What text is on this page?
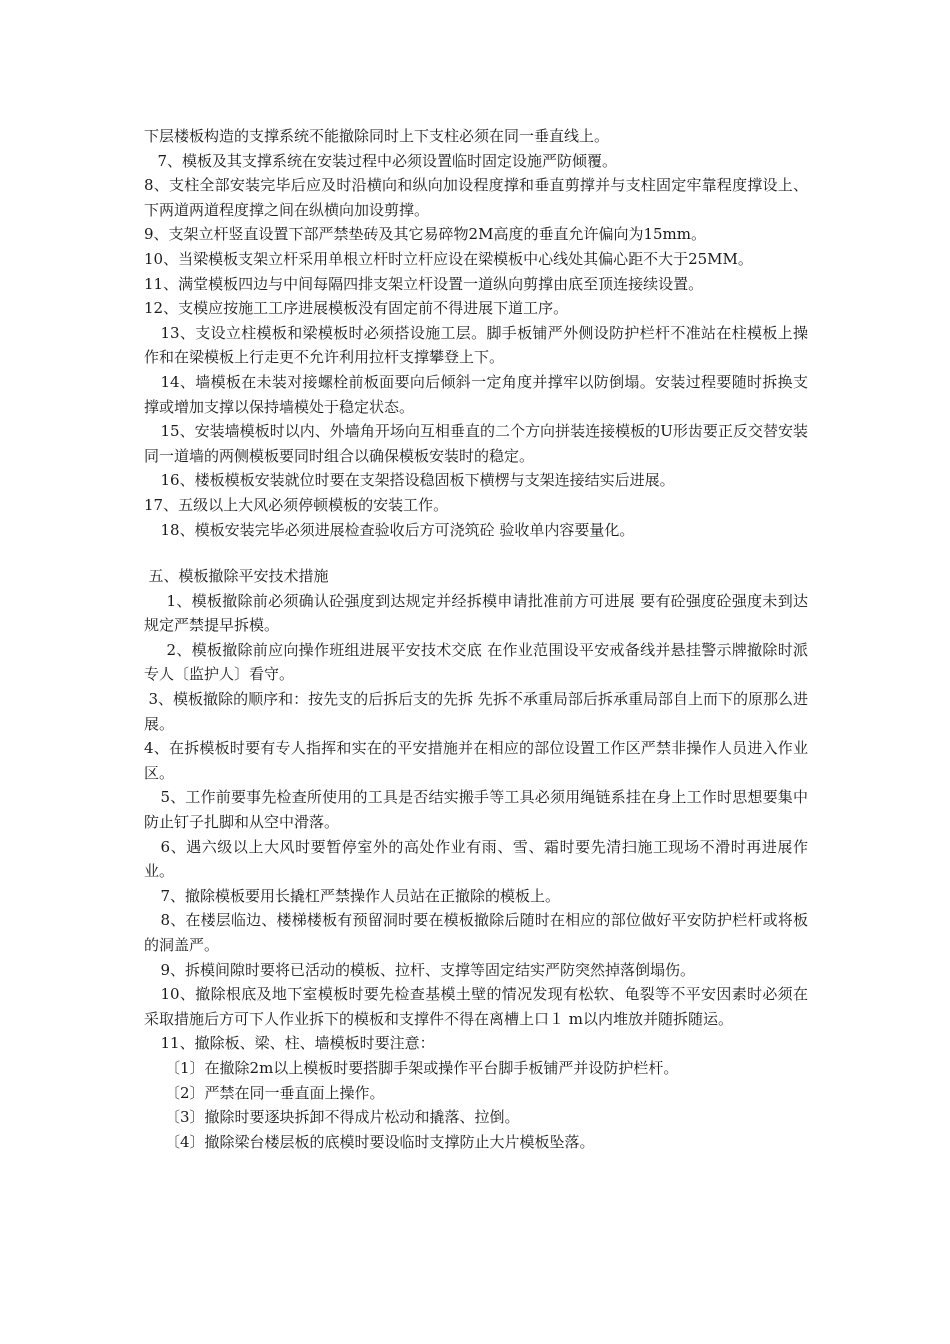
下层楼板构造的支撑系统不能撤除同时上下支柱必须在同一垂直线上。

7、模板及其支撑系统在安装过程中必须设置临时固定设施严防倾覆。

8、支柱全部安装完毕后应及时沿横向和纵向加设程度撑和垂直剪撑并与支柱固定牢靠程度撑设上、下两道两道程度撑之间在纵横向加设剪撑。

9、支架立杆竖直设置下部严禁垫砖及其它易碎物2M高度的垂直允许偏向为15mm。

10、当梁模板支架立杆采用单根立杆时立杆应设在梁模板中心线处其偏心距不大于25MM。

11、满堂模板四边与中间每隔四排支架立杆设置一道纵向剪撑由底至顶连接续设置。

12、支模应按施工工序进展模板没有固定前不得进展下道工序。

13、支设立柱模板和梁模板时必须搭设施工层。脚手板铺严外侧设防护栏杆不准站在柱模板上操作和在梁模板上行走更不允许利用拉杆支撑攀登上下。

14、墙模板在未装对接螺栓前板面要向后倾斜一定角度并撑牢以防倒塌。安装过程要随时拆换支撑或增加支撑以保持墙模处于稳定状态。

15、安装墙模板时以内、外墙角开场向互相垂直的二个方向拼装连接模板的U形齿要正反交替安装同一道墙的两侧模板要同时组合以确保模板安装时的稳定。

16、楼板模板安装就位时要在支架搭设稳固板下横楞与支架连接结实后进展。

17、五级以上大风必须停顿模板的安装工作。

18、模板安装完毕必须进展检查验收后方可浇筑砼 验收单内容要量化。

五、模板撤除平安技术措施

1、模板撤除前必须确认砼强度到达规定并经拆模申请批准前方可进展 要有砼强度砼强度未到达规定严禁提早拆模。

2、模板撤除前应向操作班组进展平安技术交底 在作业范围设平安戒备线并悬挂警示牌撤除时派专人〔监护人〕看守。

3、模板撤除的顺序和：按先支的后拆后支的先拆 先拆不承重局部后拆承重局部自上而下的原那么进展。

4、在拆模板时要有专人指挥和实在的平安措施并在相应的部位设置工作区严禁非操作人员进入作业区。

5、工作前要事先检查所使用的工具是否结实搬手等工具必须用绳链系挂在身上工作时思想要集中防止钉子扎脚和从空中滑落。

6、遇六级以上大风时要暂停室外的高处作业有雨、雪、霜时要先清扫施工现场不滑时再进展作业。

7、撤除模板要用长撬杠严禁操作人员站在正撤除的模板上。

8、在楼层临边、楼梯楼板有预留洞时要在模板撤除后随时在相应的部位做好平安防护栏杆或将板的洞盖严。

9、拆模间隙时要将已活动的模板、拉杆、支撑等固定结实严防突然掉落倒塌伤。

10、撤除根底及地下室模板时要先检查基模土壁的情况发现有松软、龟裂等不平安因素时必须在采取措施后方可下人作业拆下的模板和支撑件不得在离槽上口１ m以内堆放并随拆随运。

11、撤除板、梁、柱、墙模板时要注意：

〔1〕在撤除2m以上模板时要搭脚手架或操作平台脚手板铺严并设防护栏杆。

〔2〕严禁在同一垂直面上操作。

〔3〕撤除时要逐块拆卸不得成片松动和撬落、拉倒。

〔4〕撤除梁台楼层板的底模时要设临时支撑防止大片模板坠落。
